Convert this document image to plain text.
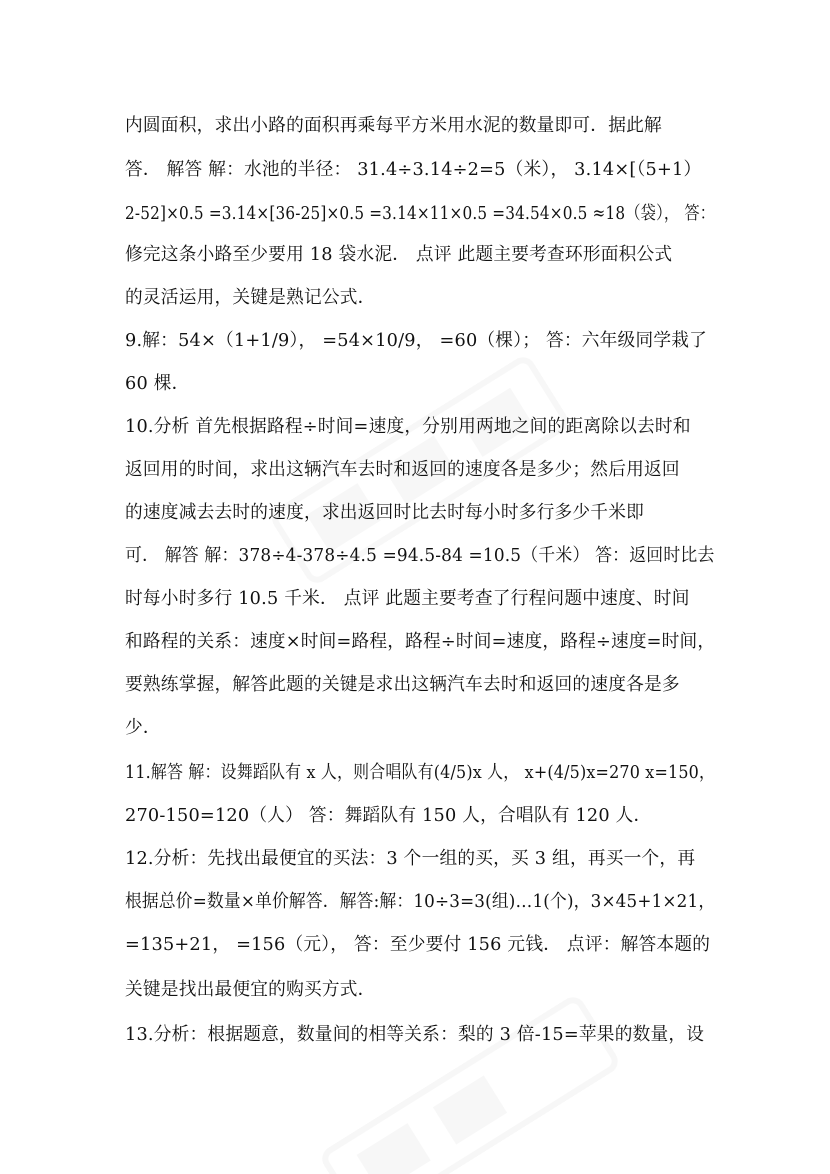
内圆面积，求出小路的面积再乘每平方米用水泥的数量即可．据此解
答． 解答 解：水池的半径： 31.4÷3.14÷2=5（米）， 3.14×[（5+1）
2-52]×0.5 =3.14×[36-25]×0.5 =3.14×11×0.5 =34.54×0.5 ≈18（袋）， 答：
修完这条小路至少要用 18 袋水泥． 点评 此题主要考查环形面积公式
的灵活运用，关键是熟记公式．
9.解：54×（1+1/9）， =54×10/9， =60（棵）； 答：六年级同学栽了
60 棵．
10.分析 首先根据路程÷时间=速度，分别用两地之间的距离除以去时和
返回用的时间，求出这辆汽车去时和返回的速度各是多少；然后用返回
的速度减去去时的速度，求出返回时比去时每小时多行多少千米即
可． 解答 解：378÷4-378÷4.5 =94.5-84 =10.5（千米） 答：返回时比去
时每小时多行 10.5 千米． 点评 此题主要考查了行程问题中速度、时间
和路程的关系：速度×时间=路程，路程÷时间=速度，路程÷速度=时间，
要熟练掌握，解答此题的关键是求出这辆汽车去时和返回的速度各是多
少．
11.解答 解：设舞蹈队有 x 人，则合唱队有(4/5)x 人， x+(4/5)x=270 x=150，
270-150=120（人） 答：舞蹈队有 150 人，合唱队有 120 人．
12.分析：先找出最便宜的买法：3 个一组的买，买 3 组，再买一个，再
根据总价=数量×单价解答．解答:解：10÷3=3(组)…1(个)，3×45+1×21，
=135+21， =156（元）， 答：至少要付 156 元钱． 点评：解答本题的
关键是找出最便宜的购买方式．
13.分析：根据题意，数量间的相等关系：梨的 3 倍-15=苹果的数量，设
